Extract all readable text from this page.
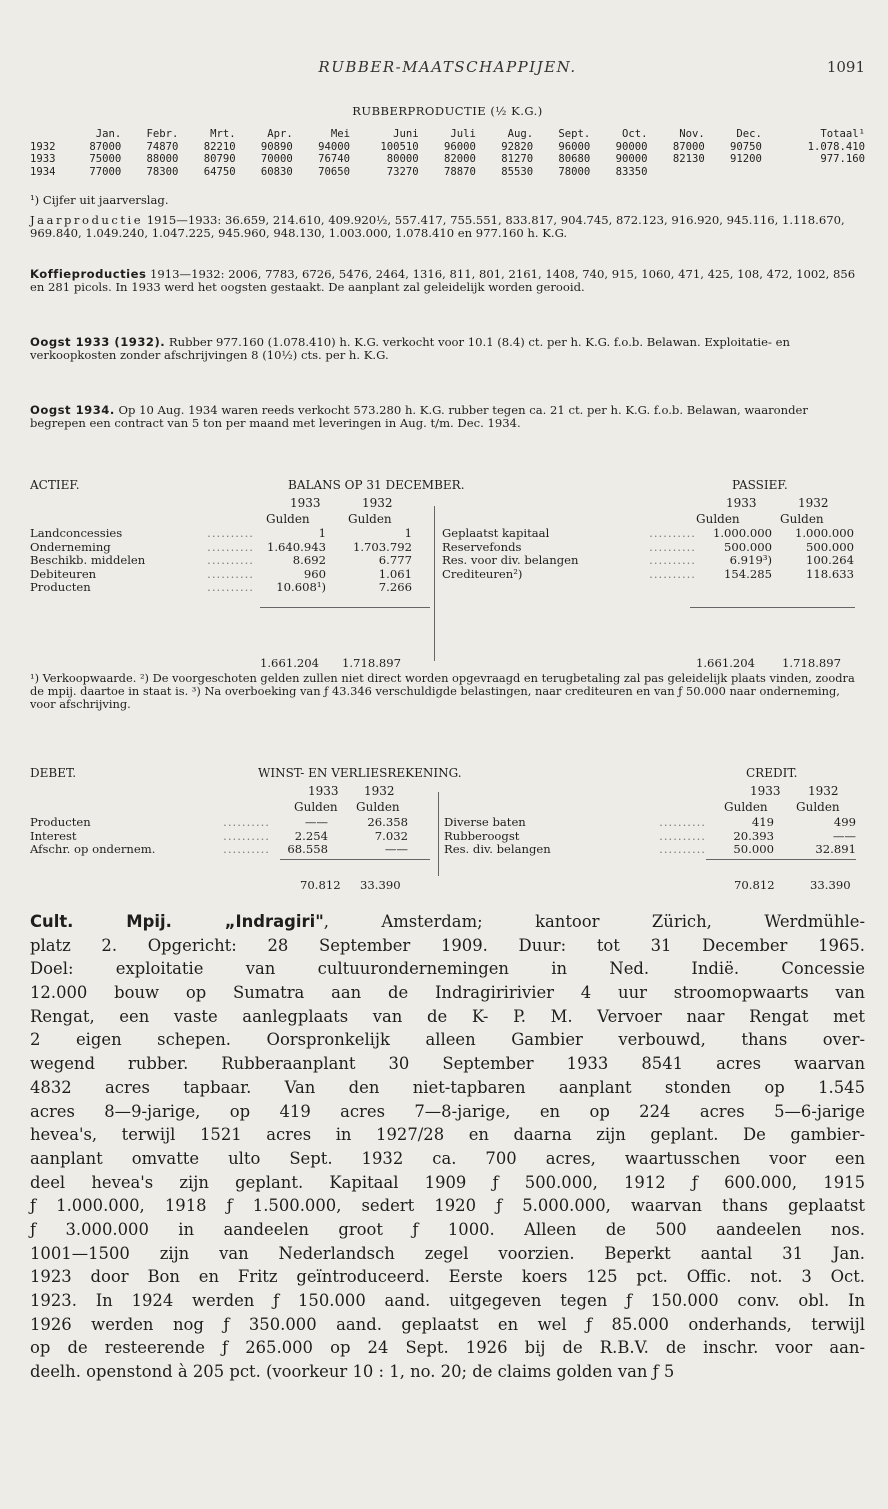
RUBBER-MAATSCHAPPIJEN.	1091
RUBBERPRODUCTIE (½ K.G.)
	Jan.	Febr.	Mrt.	Apr.	Mei	Juni	Juli	Aug.	Sept.	Oct.	Nov.	Dec.	Totaal¹
1932	87000	74870	82210	90890	94000	100510	96000	92820	96000	90000	87000	90750	1.078.410
1933	75000	88000	80790	70000	76740	80000	82000	81270	80680	90000	82130	91200	977.160
1934	77000	78300	64750	60830	70650	73270	78870	85530	78000	83350			
¹) Cijfer uit jaarverslag.
Jaarproductie 1915—1933: 36.659, 214.610, 409.920½, 557.417, 755.551, 833.817, 904.745, 872.123, 916.920, 945.116, 1.118.670, 969.840, 1.049.240, 1.047.225, 945.960, 948.130, 1.003.000, 1.078.410 en 977.160 h. K.G.
Koffieproducties 1913—1932: 2006, 7783, 6726, 5476, 2464, 1316, 811, 801, 2161, 1408, 740, 915, 1060, 471, 425, 108, 472, 1002, 856 en 281 picols. In 1933 werd het oogsten gestaakt. De aanplant zal geleidelijk worden gerooid.
Oogst 1933 (1932). Rubber 977.160 (1.078.410) h. K.G. verkocht voor 10.1 (8.4) ct. per h. K.G. f.o.b. Belawan. Exploitatie- en verkoopkosten zonder afschrijvingen 8 (10½) cts. per h. K.G.
Oogst 1934. Op 10 Aug. 1934 waren reeds verkocht 573.280 h. K.G. rubber tegen ca. 21 ct. per h. K.G. f.o.b. Belawan, waaronder begrepen een contract van 5 ton per maand met leveringen in Aug. t/m. Dec. 1934.
ACTIEF.	BALANS OP 31 DECEMBER.	PASSIEF.
1933	1932
Gulden	Gulden
1933	1932
Gulden	Gulden
Landconcessies	..........	1	1
Onderneming	.......... 1.640.943 1.703.792
Beschikb. middelen	..........	8.692	6.777
Debiteuren	..........	960	1.061
Producten	.......... 10.608¹)	7.266
Geplaatst kapitaal	.......... 1.000.000 1.000.000
Reservefonds	.......... 500.000	500.000
Res. voor div. belangen	..........	6.919³)	100.264
Crediteuren²)	.......... 154.285	118.633
1.661.204 1.718.897	1.661.204 1.718.897
¹) Verkoopwaarde. ²) De voorgeschoten gelden zullen niet direct worden opgevraagd en terugbetaling zal pas geleidelijk plaats vinden, zoodra de mpij. daartoe in staat is. ³) Na overboeking van ƒ 43.346 verschuldigde belastingen, naar crediteuren en van ƒ 50.000 naar onderneming, voor afschrijving.
DEBET.	WINST- EN VERLIESREKENING.	CREDIT.
1933 1932
Gulden Gulden
1933 1932
Gulden Gulden
Producten	..........	——	26.358
Interest	.......... 2.254	7.032
Afschr. op ondernem.	.......... 68.558	——
Diverse baten	..........	419	499
Rubberoogst	.......... 20.393	——
Res. div. belangen	.......... 50.000	32.891
70.812 33.390	70.812	33.390
Cult. Mpij. „Indragiri", Amsterdam; kantoor Zürich, Werdmühle-
platz 2. Opgericht: 28 September 1909. Duur: tot 31 December 1965.
Doel: exploitatie van cultuurondernemingen in Ned. Indië. Concessie
12.000 bouw op Sumatra aan de Indragiririvier 4 uur stroomopwaarts van
Rengat, een vaste aanlegplaats van de K- P. M. Vervoer naar Rengat met
2 eigen schepen. Oorspronkelijk alleen Gambier verbouwd, thans over-
wegend rubber. Rubberaanplant 30 September 1933 8541 acres waarvan
4832 acres tapbaar. Van den niet-tapbaren aanplant stonden op 1.545
acres 8—9-jarige, op 419 acres 7—8-jarige, en op 224 acres 5—6-jarige
hevea's, terwijl 1521 acres in 1927/28 en daarna zijn geplant. De gambier-
aanplant omvatte ulto Sept. 1932 ca. 700 acres, waartusschen voor een
deel hevea's zijn geplant. Kapitaal 1909 ƒ 500.000, 1912 ƒ 600.000, 1915
ƒ 1.000.000, 1918 ƒ 1.500.000, sedert 1920 ƒ 5.000.000, waarvan thans geplaatst
ƒ 3.000.000 in aandeelen groot ƒ 1000. Alleen de 500 aandeelen nos.
1001—1500 zijn van Nederlandsch zegel voorzien. Beperkt aantal 31 Jan.
1923 door Bon en Fritz geïntroduceerd. Eerste koers 125 pct. Offic. not. 3 Oct.
1923. In 1924 werden ƒ 150.000 aand. uitgegeven tegen ƒ 150.000 conv. obl. In
1926 werden nog ƒ 350.000 aand. geplaatst en wel ƒ 85.000 onderhands, terwijl
op de resteerende ƒ 265.000 op 24 Sept. 1926 bij de R.B.V. de inschr. voor aan-
deelh. openstond à 205 pct. (voorkeur 10 : 1, no. 20; de claims golden van ƒ 5
